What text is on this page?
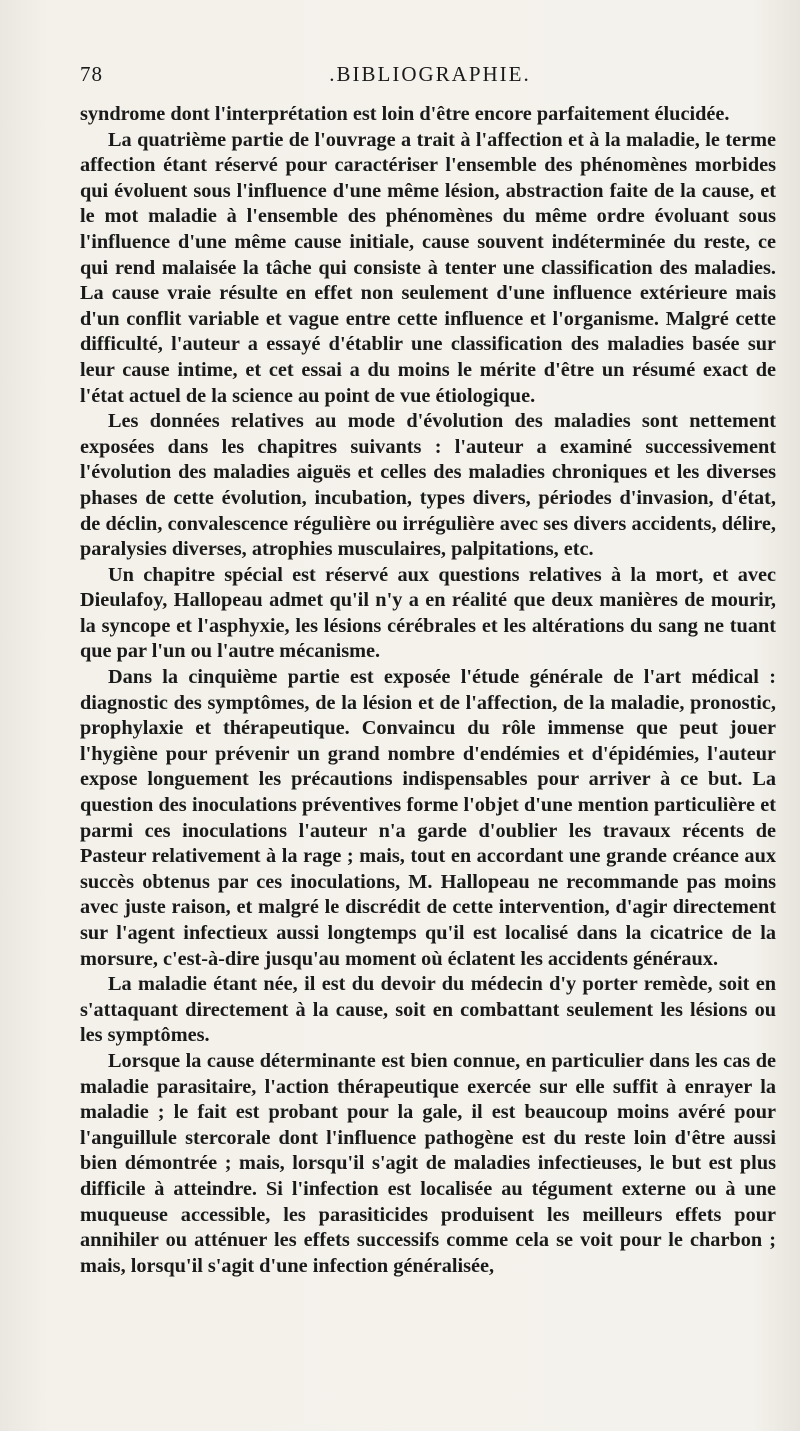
78	.BIBLIOGRAPHIE.

syndrome dont l'interprétation est loin d'être encore parfaitement élucidée.

La quatrième partie de l'ouvrage a trait à l'affection et à la maladie, le terme affection étant réservé pour caractériser l'ensemble des phénomènes morbides qui évoluent sous l'influence d'une même lésion, abstraction faite de la cause, et le mot maladie à l'ensemble des phénomènes du même ordre évoluant sous l'influence d'une même cause initiale, cause souvent indéterminée du reste, ce qui rend malaisée la tâche qui consiste à tenter une classification des maladies. La cause vraie résulte en effet non seulement d'une influence extérieure mais d'un conflit variable et vague entre cette influence et l'organisme. Malgré cette difficulté, l'auteur a essayé d'établir une classification des maladies basée sur leur cause intime, et cet essai a du moins le mérite d'être un résumé exact de l'état actuel de la science au point de vue étiologique.

Les données relatives au mode d'évolution des maladies sont nettement exposées dans les chapitres suivants : l'auteur a examiné successivement l'évolution des maladies aiguës et celles des maladies chroniques et les diverses phases de cette évolution, incubation, types divers, périodes d'invasion, d'état, de déclin, convalescence régulière ou irrégulière avec ses divers accidents, délire, paralysies diverses, atrophies musculaires, palpitations, etc.

Un chapitre spécial est réservé aux questions relatives à la mort, et avec Dieulafoy, Hallopeau admet qu'il n'y a en réalité que deux manières de mourir, la syncope et l'asphyxie, les lésions cérébrales et les altérations du sang ne tuant que par l'un ou l'autre mécanisme.

Dans la cinquième partie est exposée l'étude générale de l'art médical : diagnostic des symptômes, de la lésion et de l'affection, de la maladie, pronostic, prophylaxie et thérapeutique. Convaincu du rôle immense que peut jouer l'hygiène pour prévenir un grand nombre d'endémies et d'épidémies, l'auteur expose longuement les précautions indispensables pour arriver à ce but. La question des inoculations préventives forme l'objet d'une mention particulière et parmi ces inoculations l'auteur n'a garde d'oublier les travaux récents de Pasteur relativement à la rage ; mais, tout en accordant une grande créance aux succès obtenus par ces inoculations, M. Hallopeau ne recommande pas moins avec juste raison, et malgré le discrédit de cette intervention, d'agir directement sur l'agent infectieux aussi longtemps qu'il est localisé dans la cicatrice de la morsure, c'est-à-dire jusqu'au moment où éclatent les accidents généraux.

La maladie étant née, il est du devoir du médecin d'y porter remède, soit en s'attaquant directement à la cause, soit en combattant seulement les lésions ou les symptômes.

Lorsque la cause déterminante est bien connue, en particulier dans les cas de maladie parasitaire, l'action thérapeutique exercée sur elle suffit à enrayer la maladie ; le fait est probant pour la gale, il est beaucoup moins avéré pour l'anguillule stercorale dont l'influence pathogène est du reste loin d'être aussi bien démontrée ; mais, lorsqu'il s'agit de maladies infectieuses, le but est plus difficile à atteindre. Si l'infection est localisée au tégument externe ou à une muqueuse accessible, les parasiticides produisent les meilleurs effets pour annihiler ou atténuer les effets successifs comme cela se voit pour le charbon ; mais, lorsqu'il s'agit d'une infection généralisée,
